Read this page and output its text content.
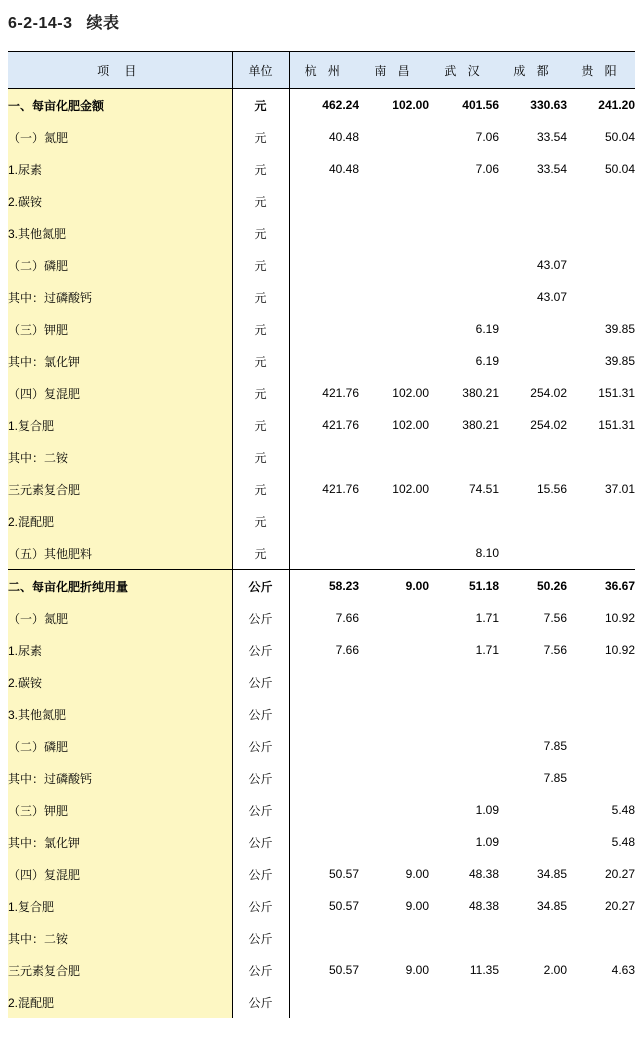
6-2-14-3 续表
项 目	单位	杭 州	南 昌	武 汉	成 都	贵 阳
一、每亩化肥金额	元	462.24	102.00	401.56	330.63	241.20
（一）氮肥	元	40.48		7.06	33.54	50.04
1.尿素	元	40.48		7.06	33.54	50.04
2.碳铵	元					
3.其他氮肥	元					
（二）磷肥	元				43.07	
其中：过磷酸钙	元				43.07	
（三）钾肥	元			6.19		39.85
其中：氯化钾	元			6.19		39.85
（四）复混肥	元	421.76	102.00	380.21	254.02	151.31
1.复合肥	元	421.76	102.00	380.21	254.02	151.31
其中：二铵	元					
三元素复合肥	元	421.76	102.00	74.51	15.56	37.01
2.混配肥	元					
（五）其他肥料	元			8.10		
二、每亩化肥折纯用量	公斤	58.23	9.00	51.18	50.26	36.67
（一）氮肥	公斤	7.66		1.71	7.56	10.92
1.尿素	公斤	7.66		1.71	7.56	10.92
2.碳铵	公斤					
3.其他氮肥	公斤					
（二）磷肥	公斤				7.85	
其中：过磷酸钙	公斤				7.85	
（三）钾肥	公斤			1.09		5.48
其中：氯化钾	公斤			1.09		5.48
（四）复混肥	公斤	50.57	9.00	48.38	34.85	20.27
1.复合肥	公斤	50.57	9.00	48.38	34.85	20.27
其中：二铵	公斤					
三元素复合肥	公斤	50.57	9.00	11.35	2.00	4.63
2.混配肥	公斤					
